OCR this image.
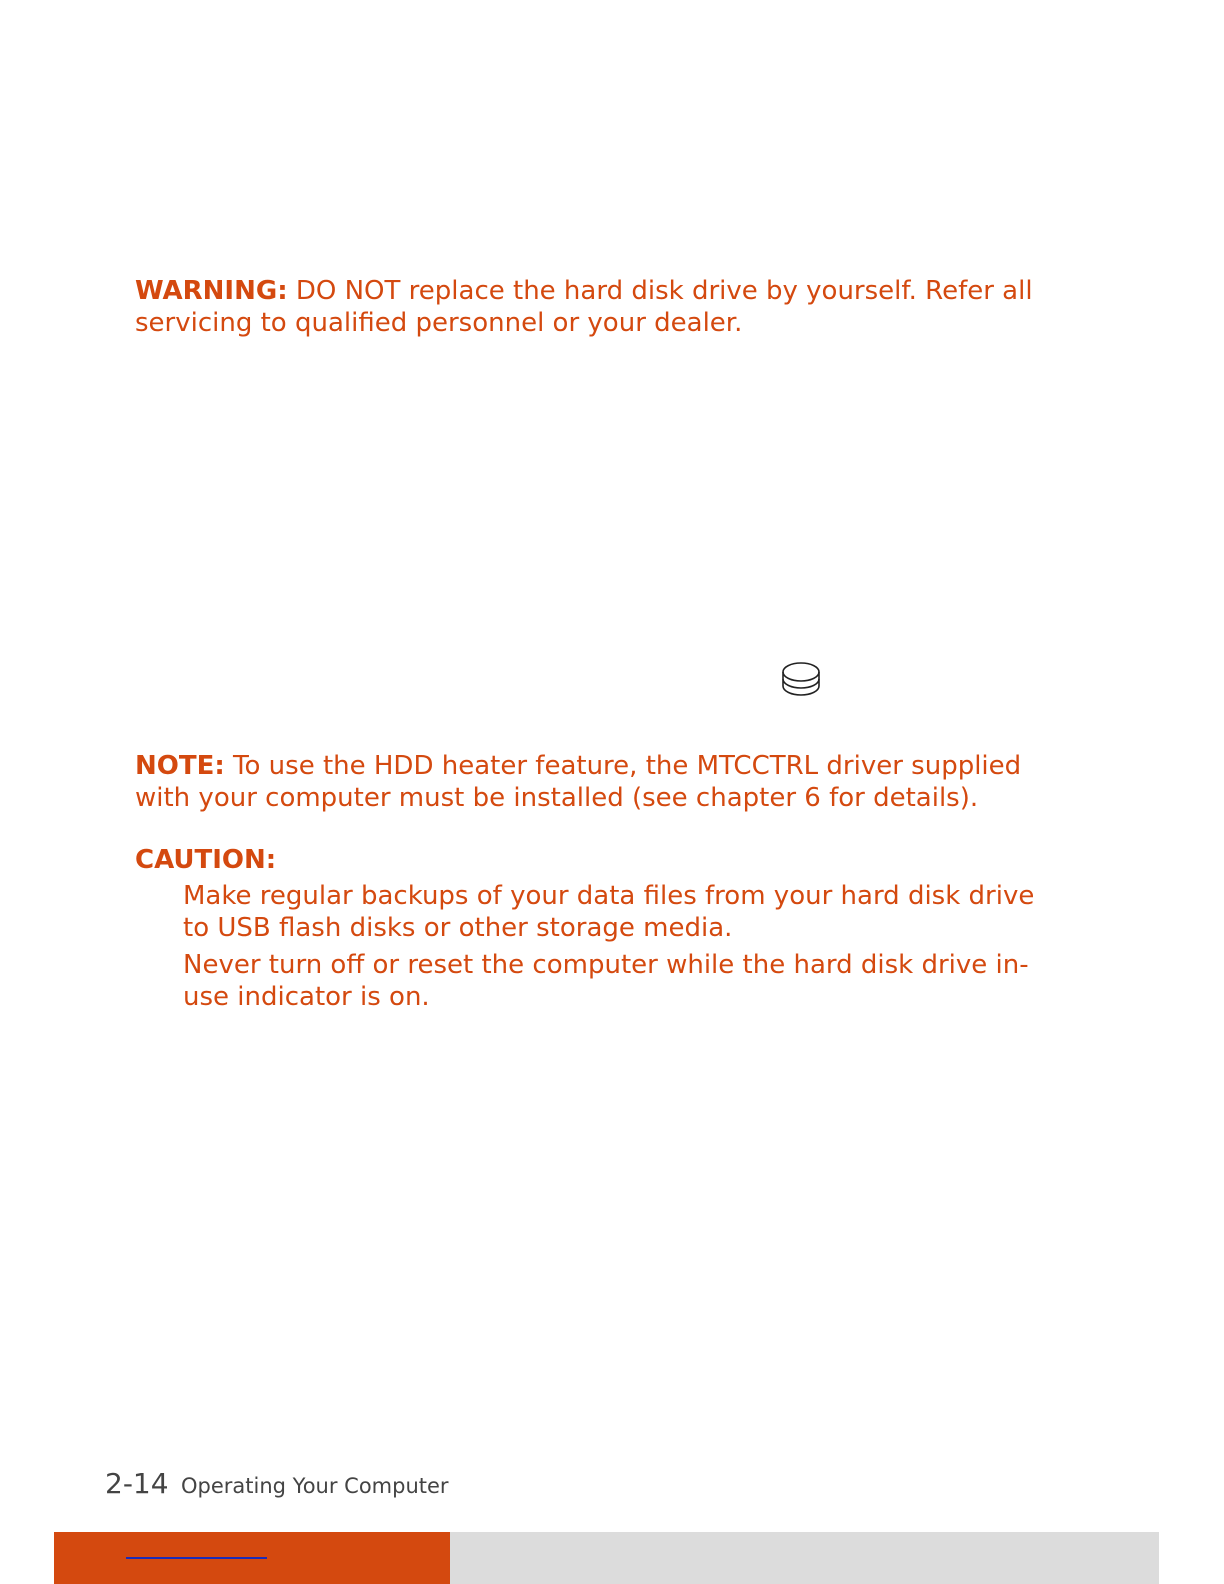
WARNING: DO NOT replace the hard disk drive by yourself. Refer all servicing to qualified personnel or your dealer.
NOTE: To use the HDD heater feature, the MTCCTRL driver supplied with your computer must be installed (see chapter 6 for details).
CAUTION:
Make regular backups of your data files from your hard disk drive to USB flash disks or other storage media.
Never turn off or reset the computer while the hard disk drive in-use indicator is on.
2-14 Operating Your Computer
